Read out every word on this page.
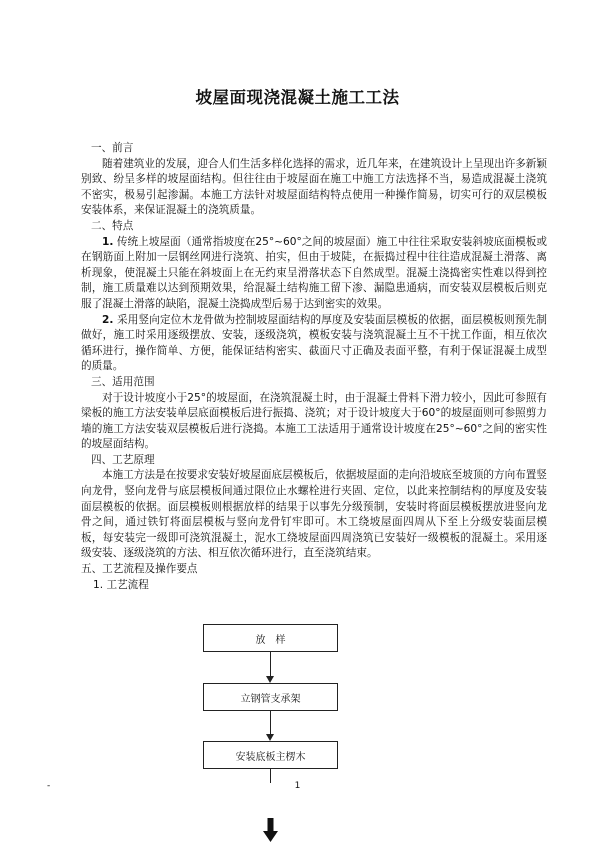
坡屋面现浇混凝土施工工法

一、前言

随着建筑业的发展，迎合人们生活多样化选择的需求，近几年来，在建筑设计上呈现出许多新颖别致、纷呈多样的坡屋面结构。但往往由于坡屋面在施工中施工方法选择不当，易造成混凝土浇筑不密实，极易引起渗漏。本施工方法针对坡屋面结构特点使用一种操作简易，切实可行的双层模板安装体系，来保证混凝土的浇筑质量。

二、特点

1. 传统上坡屋面（通常指坡度在25°~60°之间的坡屋面）施工中往往采取安装斜坡底面模板或在钢筋面上附加一层钢丝网进行浇筑、拍实，但由于坡陡，在振捣过程中往往造成混凝土滑落、离析现象，使混凝土只能在斜坡面上在无约束呈滑落状态下自然成型。混凝土浇捣密实性难以得到控制，施工质量难以达到预期效果，给混凝土结构施工留下渗、漏隐患通病，而安装双层模板后则克服了混凝土滑落的缺陷，混凝土浇捣成型后易于达到密实的效果。

2. 采用竖向定位木龙骨做为控制坡屋面结构的厚度及安装面层模板的依据，面层模板则预先制做好，施工时采用逐级摆放、安装，逐级浇筑，模板安装与浇筑混凝土互不干扰工作面，相互依次循环进行，操作简单、方便，能保证结构密实、截面尺寸正确及表面平整，有利于保证混凝土成型的质量。

三、适用范围

对于设计坡度小于25°的坡屋面，在浇筑混凝土时，由于混凝土骨料下滑力较小，因此可参照有梁板的施工方法安装单层底面模板后进行振捣、浇筑；对于设计坡度大于60°的坡屋面则可参照剪力墙的施工方法安装双层模板后进行浇捣。本施工工法适用于通常设计坡度在25°~60°之间的密实性的坡屋面结构。

四、工艺原理

本施工方法是在按要求安装好坡屋面底层模板后，依据坡屋面的走向沿坡底至坡顶的方向布置竖向龙骨，竖向龙骨与底层模板间通过限位止水螺栓进行夹固、定位，以此来控制结构的厚度及安装面层模板的依据。面层模板则根据放样的结果于以事先分级预制，安装时将面层模板摆放进竖向龙骨之间，通过铁钉将面层模板与竖向龙骨钉牢即可。木工绕坡屋面四周从下至上分级安装面层模板，每安装完一级即可浇筑混凝土，泥水工绕坡屋面四周浇筑已安装好一级模板的混凝土。采用逐级安装、逐级浇筑的方法、相互依次循环进行，直至浇筑结束。

五、工艺流程及操作要点

1. 工艺流程

放　样
立钢管支承架
安装底板主楞木
-	1
